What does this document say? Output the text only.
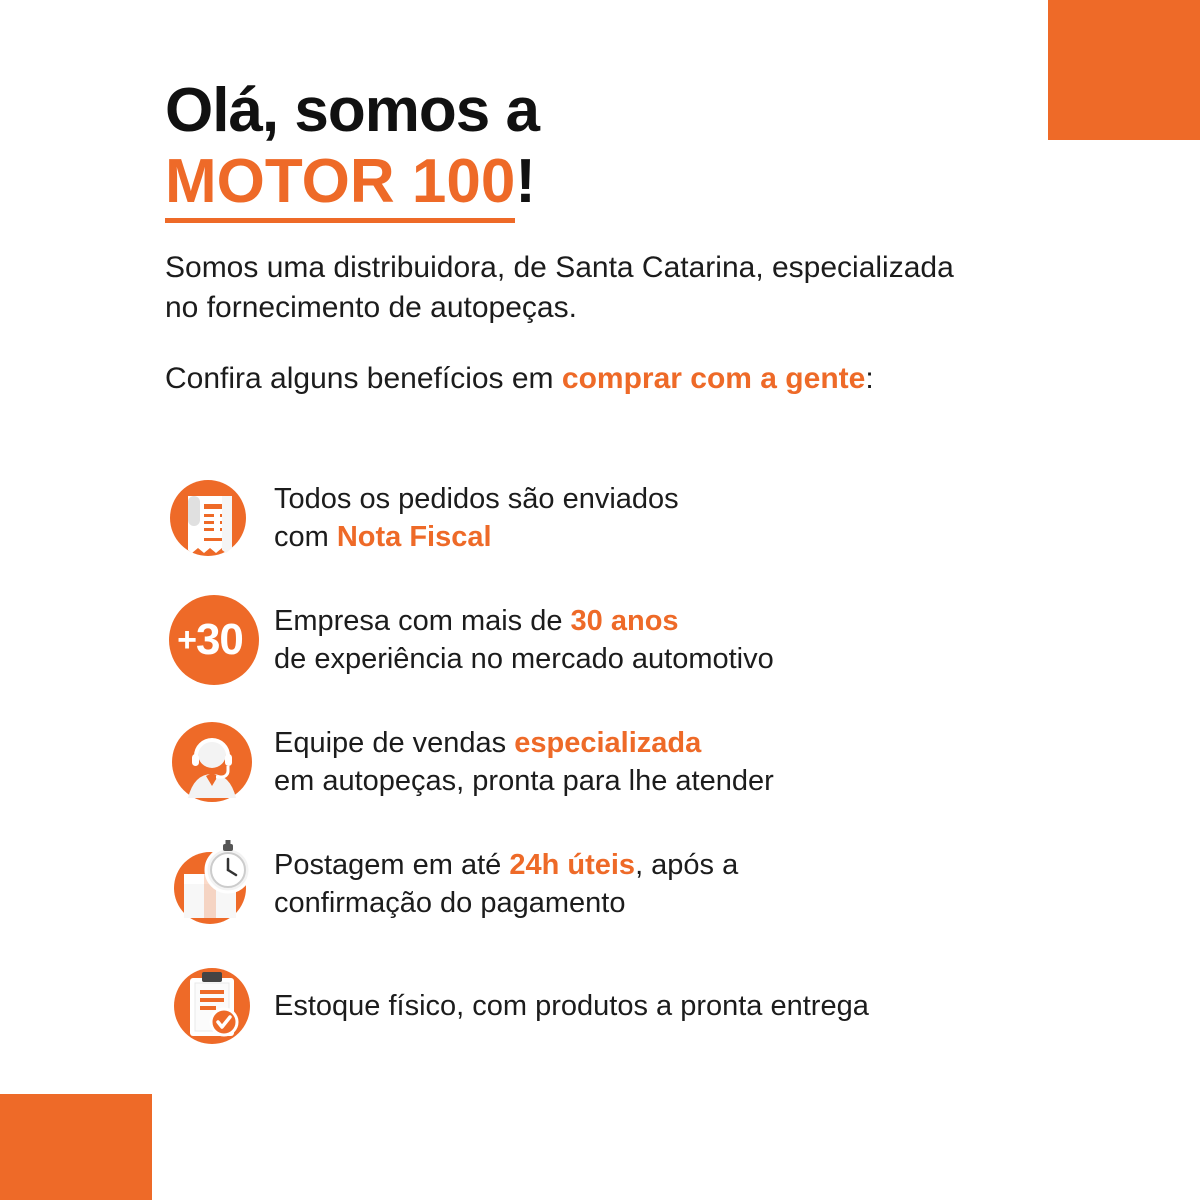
Olá, somos a
MOTOR 100!
Somos uma distribuidora, de Santa Catarina, especializada no fornecimento de autopeças.
Confira alguns benefícios em comprar com a gente:
Todos os pedidos são enviados
com Nota Fiscal
+30 Empresa com mais de 30 anos
de experiência no mercado automotivo
Equipe de vendas especializada
em autopeças, pronta para lhe atender
Postagem em até 24h úteis, após a
confirmação do pagamento
Estoque físico, com produtos a pronta entrega
